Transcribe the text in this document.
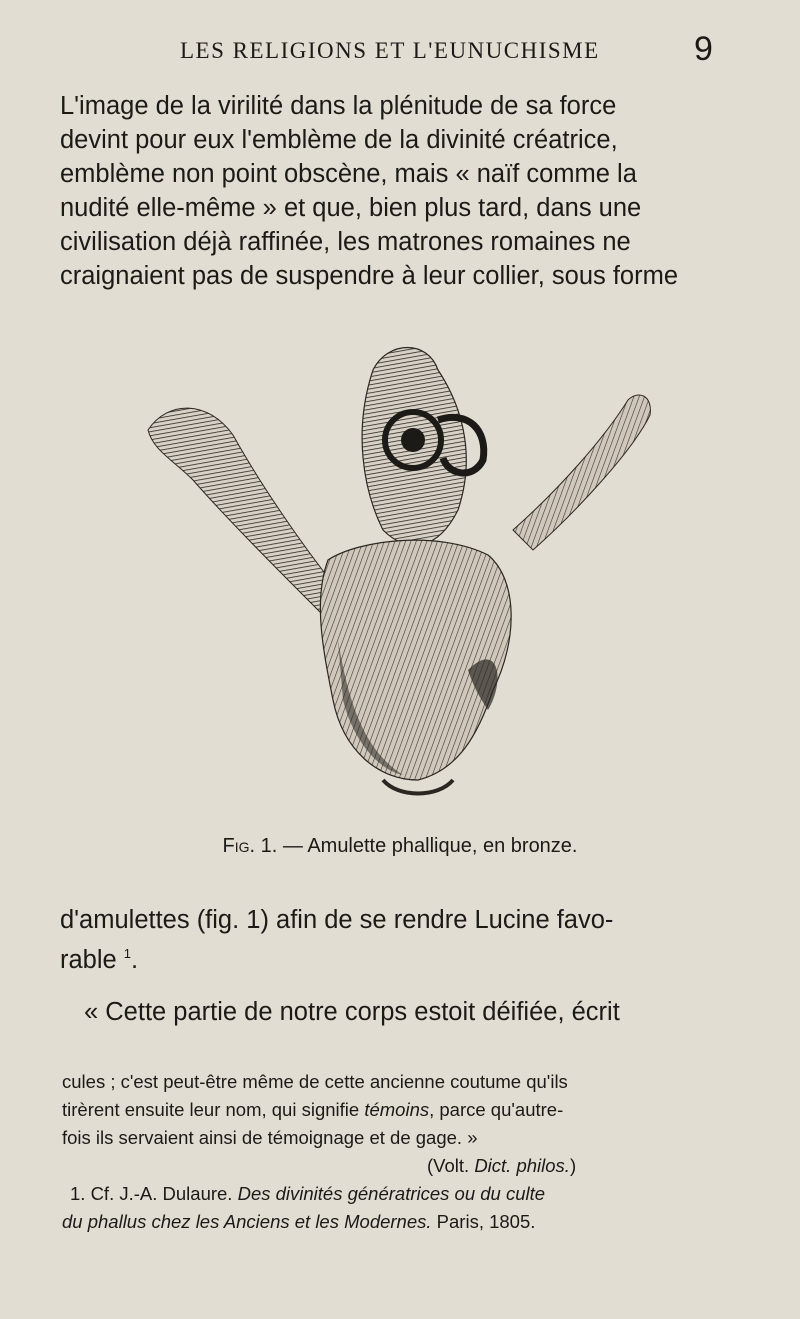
LES RELIGIONS ET L'EUNUCHISME	9
L'image de la virilité dans la plénitude de sa force
devint pour eux l'emblème de la divinité créatrice,
emblème non point obscène, mais « naïf comme la
nudité elle-même » et que, bien plus tard, dans une
civilisation déjà raffinée, les matrones romaines ne
craignaient pas de suspendre à leur collier, sous forme
Fig. 1. — Amulette phallique, en bronze.
d'amulettes (fig. 1) afin de se rendre Lucine favo-
rable $^1$.
« Cette partie de notre corps estoit déifiée, écrit
cules ; c'est peut-être même de cette ancienne coutume qu'ils
tirèrent ensuite leur nom, qui signifie témoins, parce qu'autre-
fois ils servaient ainsi de témoignage et de gage. »
(Volt. Dict. philos.)
1. Cf. J.-A. Dulaure. Des divinités génératrices ou du culte
du phallus chez les Anciens et les Modernes. Paris, 1805.
